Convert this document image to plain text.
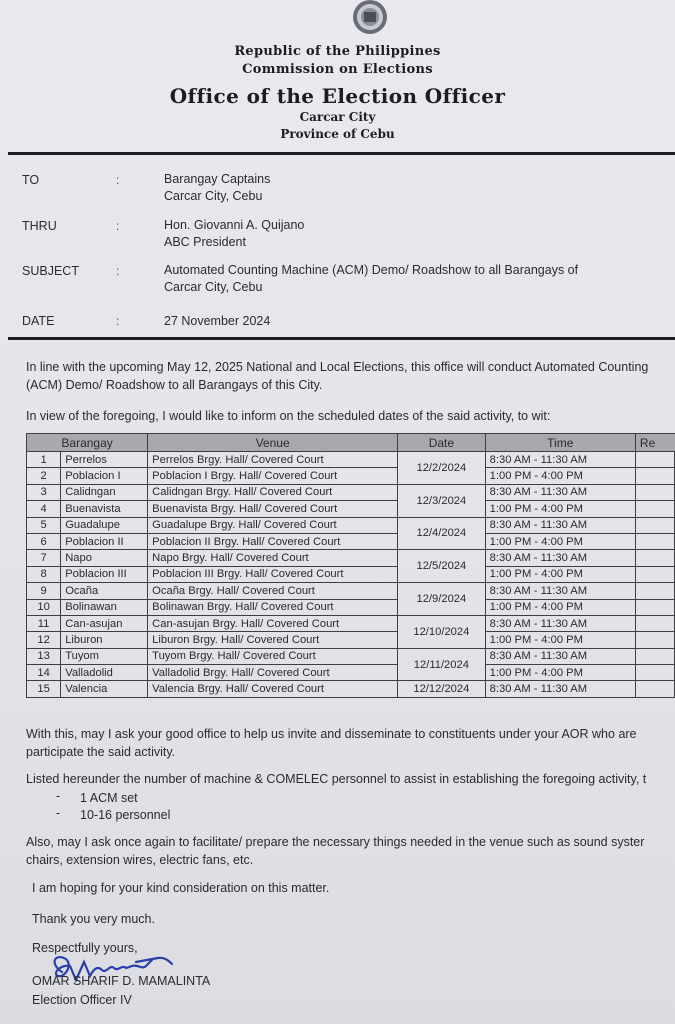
Republic of the Philippines
Commission on Elections
Office of the Election Officer
Carcar City
Province of Cebu
TO	:	Barangay Captains
Carcar City, Cebu
THRU	:	Hon. Giovanni A. Quijano
ABC President
SUBJECT	:	Automated Counting Machine (ACM) Demo/ Roadshow to all Barangays of
Carcar City, Cebu
DATE	:	27 November 2024
In line with the upcoming May 12, 2025 National and Local Elections, this office will conduct Automated Counting
(ACM) Demo/ Roadshow to all Barangays of this City.
In view of the foregoing, I would like to inform on the scheduled dates of the said activity, to wit:
Barangay		Venue	Date	Time	Re
1	Perrelos	Perrelos Brgy. Hall/ Covered Court	12/2/2024	8:30 AM - 11:30 AM	
2	Poblacion I	Poblacion I Brgy. Hall/ Covered Court		1:00 PM - 4:00 PM	
3	Calidngan	Calidngan Brgy. Hall/ Covered Court	12/3/2024	8:30 AM - 11:30 AM	
4	Buenavista	Buenavista Brgy. Hall/ Covered Court		1:00 PM - 4:00 PM	
5	Guadalupe	Guadalupe Brgy. Hall/ Covered Court	12/4/2024	8:30 AM - 11:30 AM	
6	Poblacion II	Poblacion II Brgy. Hall/ Covered Court		1:00 PM - 4:00 PM	
7	Napo	Napo Brgy. Hall/ Covered Court	12/5/2024	8:30 AM - 11:30 AM	
8	Poblacion III	Poblacion III Brgy. Hall/ Covered Court		1:00 PM - 4:00 PM	
9	Ocaña	Ocaña Brgy. Hall/ Covered Court	12/9/2024	8:30 AM - 11:30 AM	
10	Bolinawan	Bolinawan Brgy. Hall/ Covered Court		1:00 PM - 4:00 PM	
11	Can-asujan	Can-asujan Brgy. Hall/ Covered Court	12/10/2024	8:30 AM - 11:30 AM	
12	Liburon	Liburon Brgy. Hall/ Covered Court		1:00 PM - 4:00 PM	
13	Tuyom	Tuyom Brgy. Hall/ Covered Court	12/11/2024	8:30 AM - 11:30 AM	
14	Valladolid	Valladolid Brgy. Hall/ Covered Court		1:00 PM - 4:00 PM	
15	Valencia	Valencia Brgy. Hall/ Covered Court	12/12/2024	8:30 AM - 11:30 AM	
With this, may I ask your good office to help us invite and disseminate to constituents under your AOR who are
participate the said activity.
Listed hereunder the number of machine & COMELEC personnel to assist in establishing the foregoing activity, t
- 1 ACM set
- 10-16 personnel
Also, may I ask once again to facilitate/ prepare the necessary things needed in the venue such as sound syster
chairs, extension wires, electric fans, etc.
I am hoping for your kind consideration on this matter.
Thank you very much.
Respectfully yours,
OMAR SHARIF D. MAMALINTA
Election Officer IV
